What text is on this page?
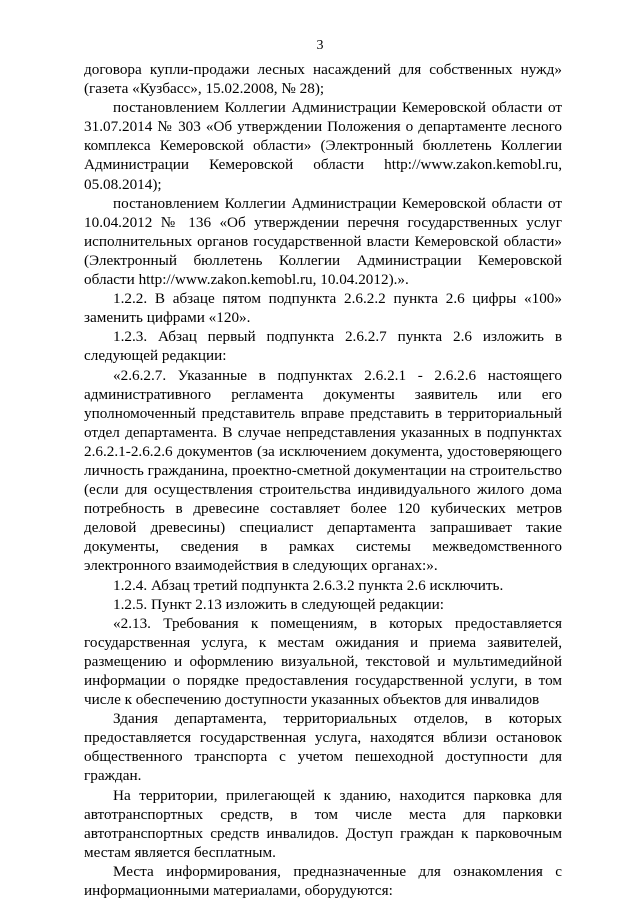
3

договора купли-продажи лесных насаждений для собственных нужд» (газета «Кузбасс», 15.02.2008, № 28);

постановлением Коллегии Администрации Кемеровской области от 31.07.2014 № 303 «Об утверждении Положения о департаменте лесного комплекса Кемеровской области» (Электронный бюллетень Коллегии Администрации Кемеровской области http://www.zakon.kemobl.ru, 05.08.2014);

постановлением Коллегии Администрации Кемеровской области от 10.04.2012 № 136 «Об утверждении перечня государственных услуг исполнительных органов государственной власти Кемеровской области» (Электронный бюллетень Коллегии Администрации Кемеровской области http://www.zakon.kemobl.ru, 10.04.2012).».

1.2.2. В абзаце пятом подпункта 2.6.2.2 пункта 2.6 цифры «100» заменить цифрами «120».

1.2.3. Абзац первый подпункта 2.6.2.7 пункта 2.6 изложить в следующей редакции:

«2.6.2.7. Указанные в подпунктах 2.6.2.1 - 2.6.2.6 настоящего административного регламента документы заявитель или его уполномоченный представитель вправе представить в территориальный отдел департамента. В случае непредставления указанных в подпунктах 2.6.2.1-2.6.2.6 документов (за исключением документа, удостоверяющего личность гражданина, проектно-сметной документации на строительство (если для осуществления строительства индивидуального жилого дома потребность в древесине составляет более 120 кубических метров деловой древесины) специалист департамента запрашивает такие документы, сведения в рамках системы межведомственного электронного взаимодействия в следующих органах:».

1.2.4. Абзац третий подпункта 2.6.3.2 пункта 2.6 исключить.

1.2.5. Пункт 2.13 изложить в следующей редакции:

«2.13. Требования к помещениям, в которых предоставляется государственная услуга, к местам ожидания и приема заявителей, размещению и оформлению визуальной, текстовой и мультимедийной информации о порядке предоставления государственной услуги, в том числе к обеспечению доступности указанных объектов для инвалидов

Здания департамента, территориальных отделов, в которых предоставляется государственная услуга, находятся вблизи остановок общественного транспорта с учетом пешеходной доступности для граждан.

На территории, прилегающей к зданию, находится парковка для автотранспортных средств, в том числе места для парковки автотранспортных средств инвалидов. Доступ граждан к парковочным местам является бесплатным.

Места информирования, предназначенные для ознакомления с информационными материалами, оборудуются:
